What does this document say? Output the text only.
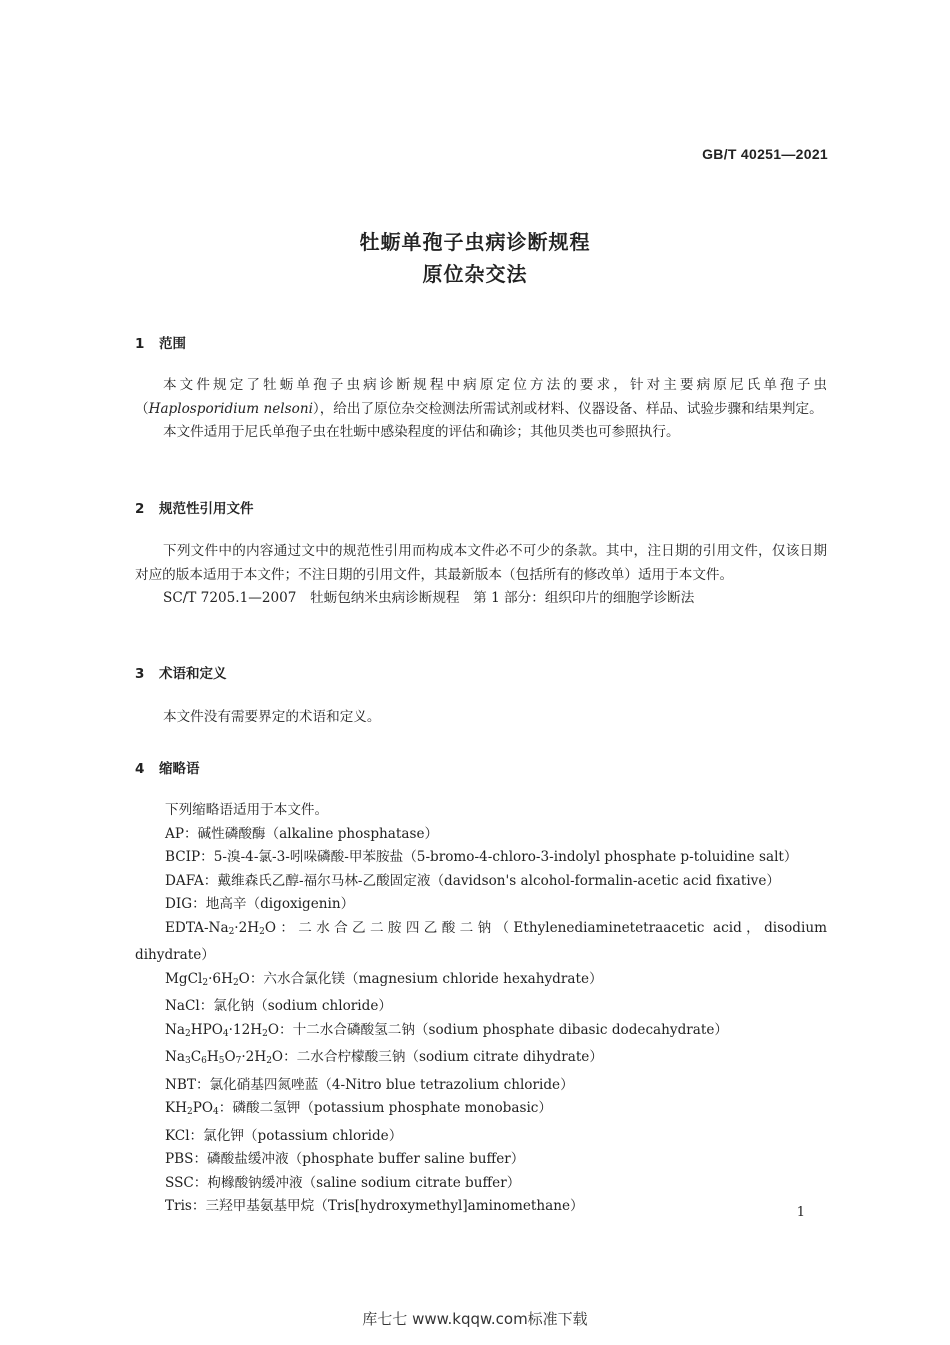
GB/T 40251—2021
牡蛎单孢子虫病诊断规程
原位杂交法
1 范围

本文件规定了牡蛎单孢子虫病诊断规程中病原定位方法的要求，针对主要病原尼氏单孢子虫（Haplosporidium nelsoni），给出了原位杂交检测法所需试剂或材料、仪器设备、样品、试验步骤和结果判定。

本文件适用于尼氏单孢子虫在牡蛎中感染程度的评估和确诊；其他贝类也可参照执行。

2 规范性引用文件

下列文件中的内容通过文中的规范性引用而构成本文件必不可少的条款。其中，注日期的引用文件，仅该日期对应的版本适用于本文件；不注日期的引用文件，其最新版本（包括所有的修改单）适用于本文件。

SC/T 7205.1—2007　牡蛎包纳米虫病诊断规程　第 1 部分：组织印片的细胞学诊断法

3 术语和定义

本文件没有需要界定的术语和定义。

4 缩略语
下列缩略语适用于本文件。
AP：碱性磷酸酶（alkaline phosphatase）
BCIP：5-溴-4-氯-3-吲哚磷酸-甲苯胺盐（5-bromo-4-chloro-3-indolyl phosphate p-toluidine salt）
DAFA：戴维森氏乙醇-福尔马林-乙酸固定液（davidson's alcohol-formalin-acetic acid fixative）
DIG：地高辛（digoxigenin）
EDTA-$Na_2\cdot 2H_2O$：二水合乙二胺四乙酸二钠（Ethylenediaminetetraacetic acid，disodium dihydrate）
$MgCl_2\cdot 6H_2O$：六水合氯化镁（magnesium chloride hexahydrate）
NaCl：氯化钠（sodium chloride）
$Na_2HPO_4\cdot 12H_2O$：十二水合磷酸氢二钠（sodium phosphate dibasic dodecahydrate）
$Na_3C_6H_5O_7\cdot 2H_2O$：二水合柠檬酸三钠（sodium citrate dihydrate）
NBT：氯化硝基四氮唑蓝（4-Nitro blue tetrazolium chloride）
$KH_2PO_4$：磷酸二氢钾（potassium phosphate monobasic）
KCl：氯化钾（potassium chloride）
PBS：磷酸盐缓冲液（phosphate buffer saline buffer）
SSC：枸橼酸钠缓冲液（saline sodium citrate buffer）
Tris：三羟甲基氨基甲烷（Tris[hydroxymethyl]aminomethane）	1
库七七 www.kqqw.com标准下载
